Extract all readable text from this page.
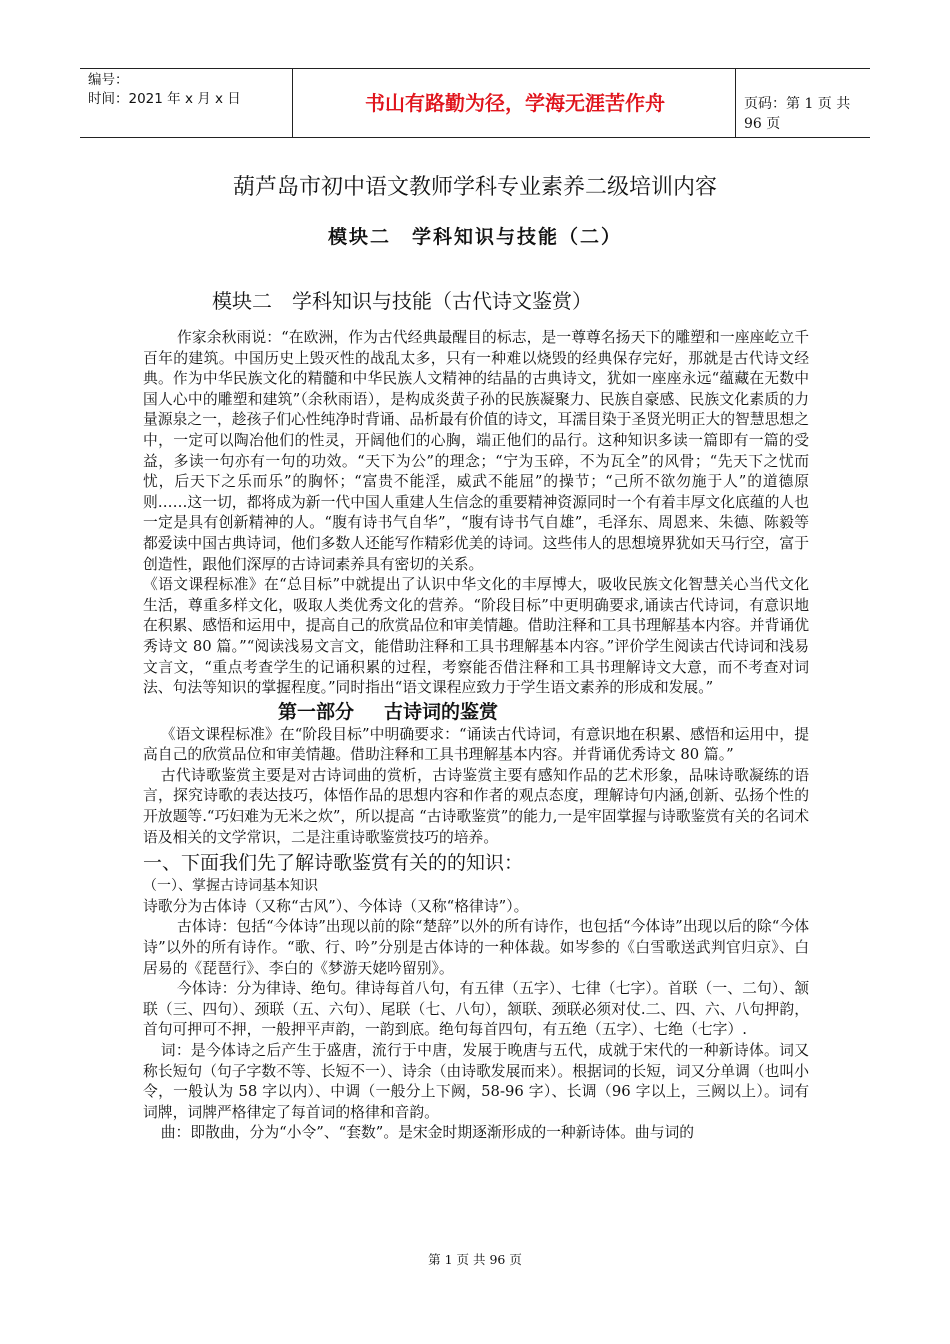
编号：
时间：2021 年 x 月 x 日	书山有路勤为径，学海无涯苦作舟	页码：第 1 页 共 96 页
葫芦岛市初中语文教师学科专业素养二级培训内容
模块二　学科知识与技能（二）
模块二　学科知识与技能（古代诗文鉴赏）

作家余秋雨说：“在欧洲，作为古代经典最醒目的标志，是一尊尊名扬天下的雕塑和一座座屹立千百年的建筑。中国历史上毁灭性的战乱太多，只有一种难以烧毁的经典保存完好，那就是古代诗文经典。作为中华民族文化的精髓和中华民族人文精神的结晶的古典诗文，犹如一座座永远“蕴藏在无数中国人心中的雕塑和建筑”（余秋雨语），是构成炎黄子孙的民族凝聚力、民族自豪感、民族文化素质的力量源泉之一，趁孩子们心性纯净时背诵、品析最有价值的诗文，耳濡目染于圣贤光明正大的智慧思想之中，一定可以陶冶他们的性灵，开阔他们的心胸，端正他们的品行。这种知识多读一篇即有一篇的受益，多读一句亦有一句的功效。“天下为公”的理念；“宁为玉碎，不为瓦全”的风骨；“先天下之忧而忧，后天下之乐而乐”的胸怀；“富贵不能淫，威武不能屈”的操节；“己所不欲勿施于人”的道德原则……这一切，都将成为新一代中国人重建人生信念的重要精神资源同时一个有着丰厚文化底蕴的人也一定是具有创新精神的人。“腹有诗书气自华”，“腹有诗书气自雄”，毛泽东、周恩来、朱德、陈毅等都爱读中国古典诗词，他们多数人还能写作精彩优美的诗词。这些伟人的思想境界犹如天马行空，富于创造性，跟他们深厚的古诗词素养具有密切的关系。

《语文课程标准》在“总目标”中就提出了认识中华文化的丰厚博大，吸收民族文化智慧关心当代文化生活，尊重多样文化，吸取人类优秀文化的营养。“阶段目标”中更明确要求,诵读古代诗词，有意识地在积累、感悟和运用中，提高自己的欣赏品位和审美情趣。借助注释和工具书理解基本内容。并背诵优秀诗文 80 篇。”“阅读浅易文言文，能借助注释和工具书理解基本内容。”评价学生阅读古代诗词和浅易文言文，“重点考查学生的记诵积累的过程，考察能否借注释和工具书理解诗文大意，而不考查对词法、句法等知识的掌握程度。”同时指出“语文课程应致力于学生语文素养的形成和发展。”

第一部分 古诗词的鉴赏

《语文课程标准》在“阶段目标”中明确要求：“诵读古代诗词，有意识地在积累、感悟和运用中，提高自己的欣赏品位和审美情趣。借助注释和工具书理解基本内容。并背诵优秀诗文 80 篇。”

古代诗歌鉴赏主要是对古诗词曲的赏析，古诗鉴赏主要有感知作品的艺术形象，品味诗歌凝练的语言，探究诗歌的表达技巧，体悟作品的思想内容和作者的观点态度，理解诗句内涵,创新、弘扬个性的开放题等.“巧妇难为无米之炊”，所以提高 “古诗歌鉴赏”的能力,一是牢固掌握与诗歌鉴赏有关的名词术语及相关的文学常识，二是注重诗歌鉴赏技巧的培养。

一、下面我们先了解诗歌鉴赏有关的的知识：

（一）、掌握古诗词基本知识

诗歌分为古体诗（又称“古风”）、今体诗（又称“格律诗”）。

古体诗：包括“今体诗”出现以前的除“楚辞”以外的所有诗作，也包括“今体诗”出现以后的除“今体诗”以外的所有诗作。“歌、行、吟”分别是古体诗的一种体裁。如岑参的《白雪歌送武判官归京》、白居易的《琵琶行》、李白的《梦游天姥吟留别》。

今体诗：分为律诗、绝句。律诗每首八句，有五律（五字）、七律（七字）。首联（一、二句）、颔联（三、四句）、颈联（五、六句）、尾联（七、八句），颔联、颈联必须对仗.二、四、六、八句押韵，首句可押可不押，一般押平声韵，一韵到底。绝句每首四句，有五绝（五字）、七绝（七字）.

词：是今体诗之后产生于盛唐，流行于中唐，发展于晚唐与五代，成就于宋代的一种新诗体。词又称长短句（句子字数不等、长短不一）、诗余（由诗歌发展而来）。根据词的长短，词又分单调（也叫小令，一般认为 58 字以内）、中调（一般分上下阙，58-96 字）、长调（96 字以上，三阙以上）。词有词牌，词牌严格律定了每首词的格律和音韵。

曲：即散曲，分为“小令”、“套数”。是宋金时期逐渐形成的一种新诗体。曲与词的

第 1 页 共 96 页
